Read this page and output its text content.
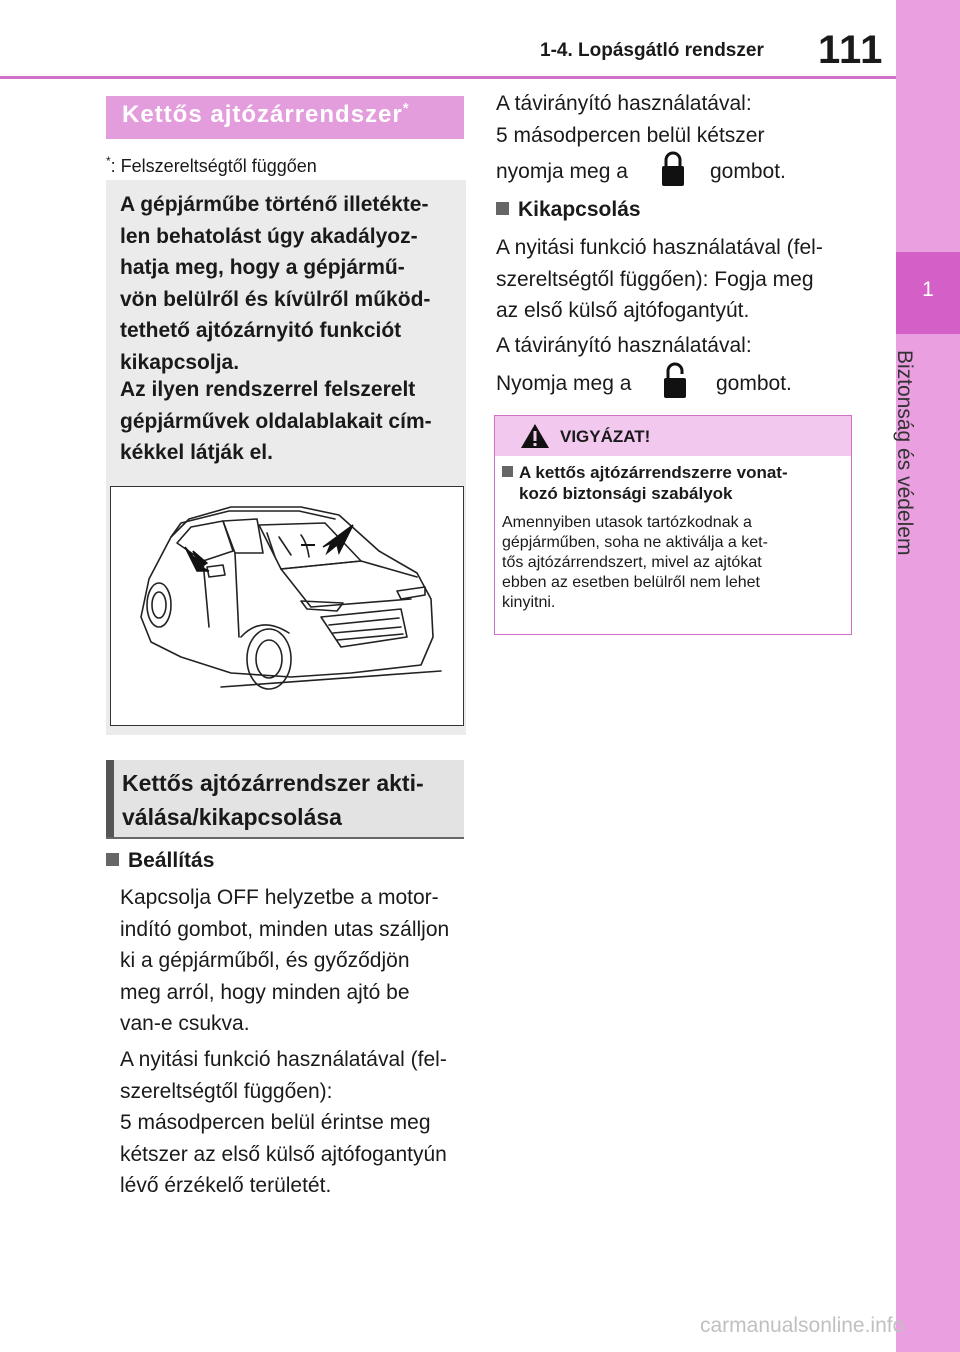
1-4. Lopásgátló rendszer 111
1
Biztonság és védelem
Kettős ajtózárrendszer*
*: Felszereltségtől függően
A gépjárműbe történő illetékte-
len behatolást úgy akadályoz-
hatja meg, hogy a gépjármű-
vön belülről és kívülről működ-
tethető ajtózárnyitó funkciót
kikapcsolja.
Az ilyen rendszerrel felszerelt
gépjárművek oldalablakait cím-
kékkel látják el.
Kettős ajtózárrendszer akti-
válása/kikapcsolása
Beállítás
Kapcsolja OFF helyzetbe a motor-
indító gombot, minden utas szálljon
ki a gépjárműből, és győződjön
meg arról, hogy minden ajtó be
van-e csukva.
A nyitási funkció használatával (fel-
szereltségtől függően):
5 másodpercen belül érintse meg
kétszer az első külső ajtófogantyún
lévő érzékelő területét.
A távirányító használatával:
5 másodpercen belül kétszer
nyomja meg a	gombot.
Kikapcsolás
A nyitási funkció használatával (fel-
szereltségtől függően): Fogja meg
az első külső ajtófogantyút.
A távirányító használatával:
Nyomja meg a	gombot.
VIGYÁZAT!
A kettős ajtózárrendszerre vonat-
kozó biztonsági szabályok
Amennyiben utasok tartózkodnak a
gépjárműben, soha ne aktiválja a ket-
tős ajtózárrendszert, mivel az ajtókat
ebben az esetben belülről nem lehet
kinyitni.
carmanualsonline.info
